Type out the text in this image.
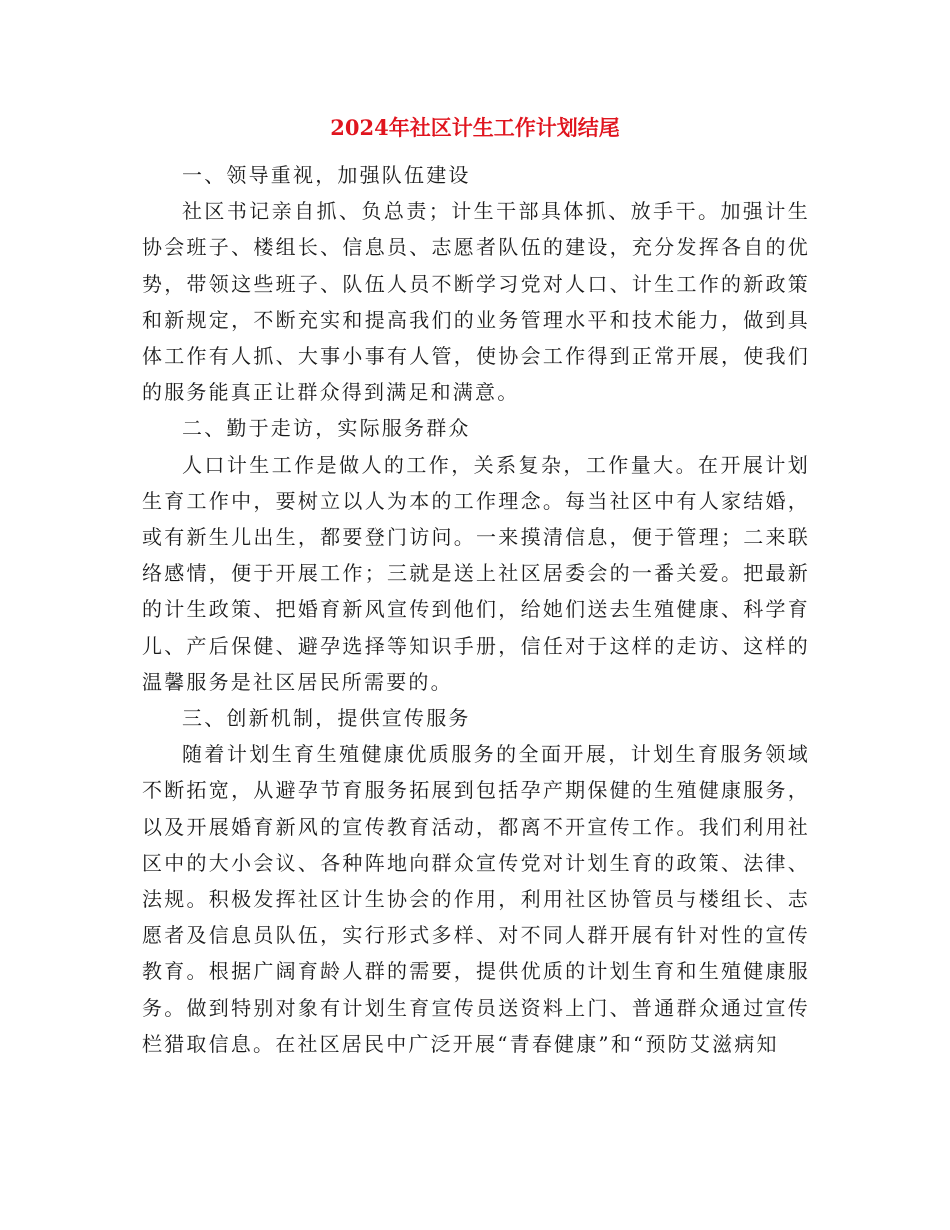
2024年社区计生工作计划结尾

一、领导重视，加强队伍建设

社区书记亲自抓、负总责；计生干部具体抓、放手干。加强计生协会班子、楼组长、信息员、志愿者队伍的建设，充分发挥各自的优势，带领这些班子、队伍人员不断学习党对人口、计生工作的新政策和新规定，不断充实和提高我们的业务管理水平和技术能力，做到具体工作有人抓、大事小事有人管，使协会工作得到正常开展，使我们的服务能真正让群众得到满足和满意。

二、勤于走访，实际服务群众

人口计生工作是做人的工作，关系复杂，工作量大。在开展计划生育工作中，要树立以人为本的工作理念。每当社区中有人家结婚，或有新生儿出生，都要登门访问。一来摸清信息，便于管理；二来联络感情，便于开展工作；三就是送上社区居委会的一番关爱。把最新的计生政策、把婚育新风宣传到他们，给她们送去生殖健康、科学育儿、产后保健、避孕选择等知识手册，信任对于这样的走访、这样的温馨服务是社区居民所需要的。

三、创新机制，提供宣传服务

随着计划生育生殖健康优质服务的全面开展，计划生育服务领域不断拓宽，从避孕节育服务拓展到包括孕产期保健的生殖健康服务，以及开展婚育新风的宣传教育活动，都离不开宣传工作。我们利用社区中的大小会议、各种阵地向群众宣传党对计划生育的政策、法律、法规。积极发挥社区计生协会的作用，利用社区协管员与楼组长、志愿者及信息员队伍，实行形式多样、对不同人群开展有针对性的宣传教育。根据广阔育龄人群的需要，提供优质的计划生育和生殖健康服务。做到特别对象有计划生育宣传员送资料上门、普通群众通过宣传栏猎取信息。在社区居民中广泛开展“青春健康”和“预防艾滋病知
